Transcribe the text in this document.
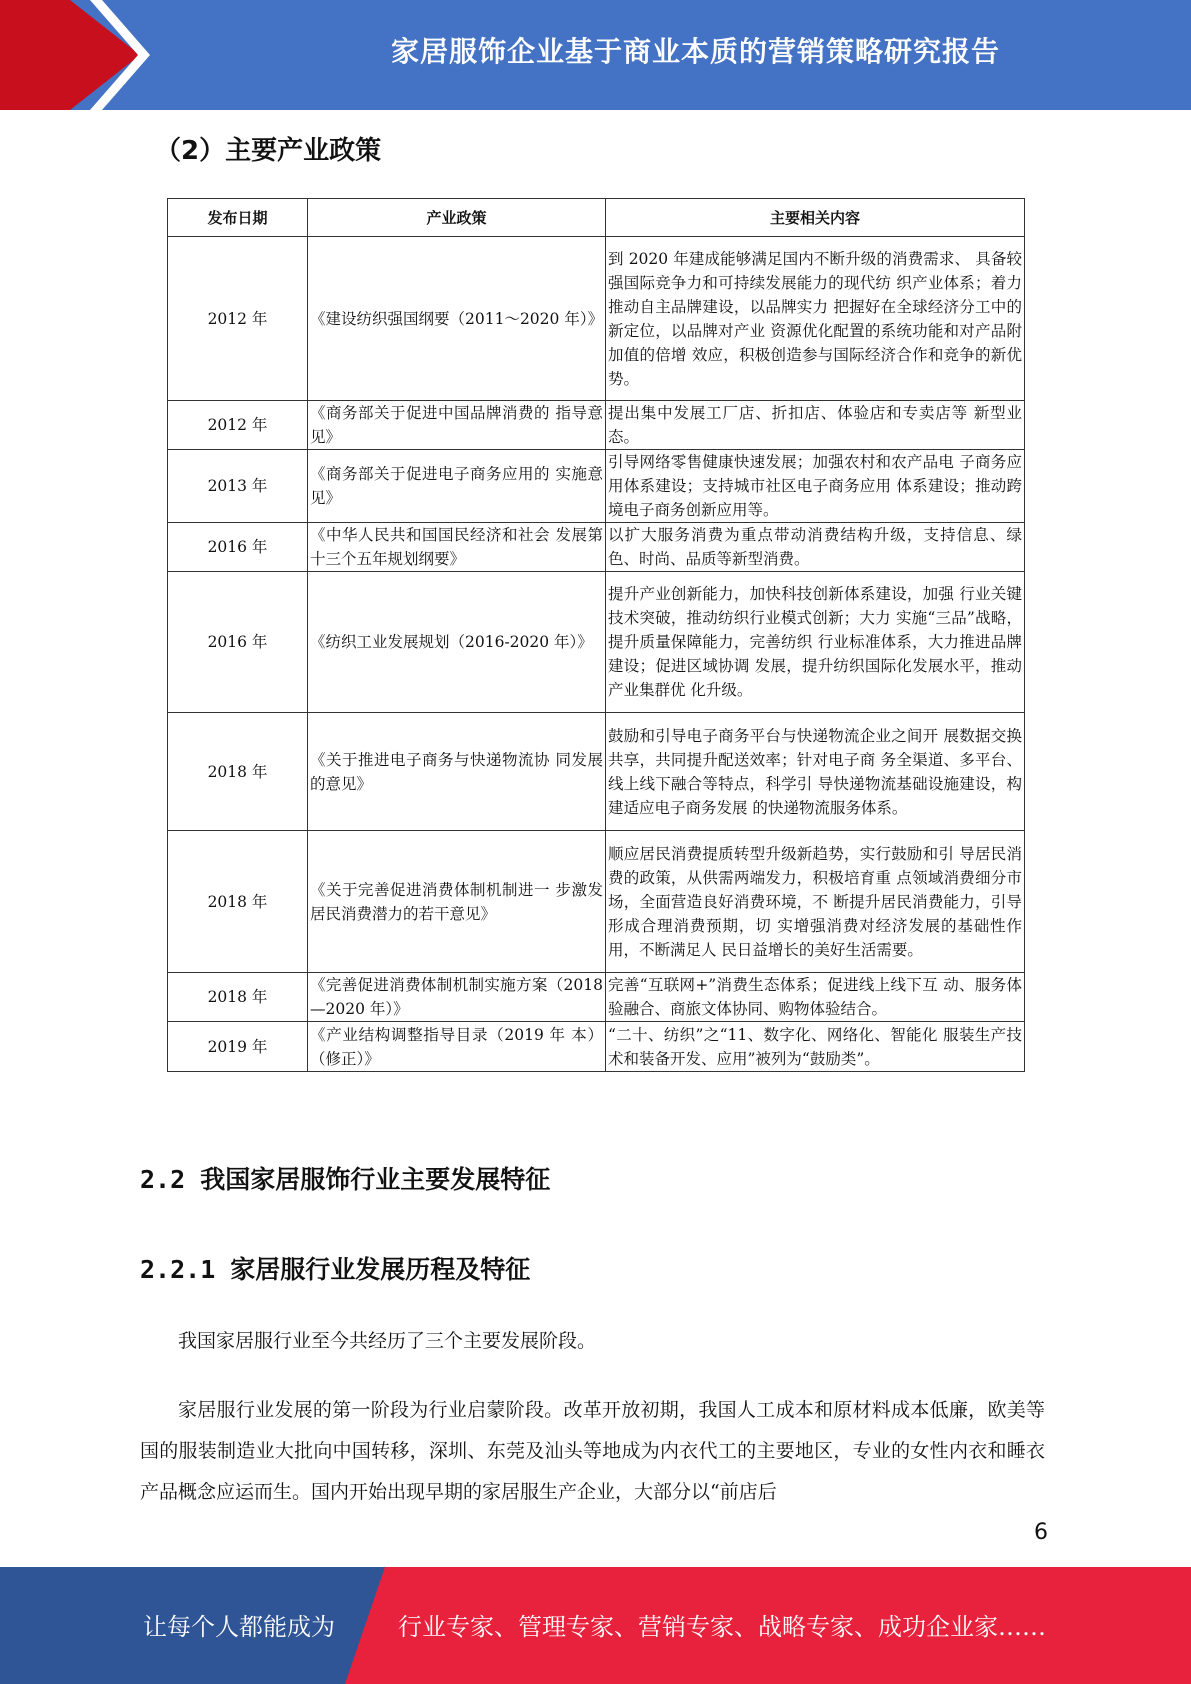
家居服饰企业基于商业本质的营销策略研究报告
（2）主要产业政策
发布日期	产业政策	主要相关内容
2012 年	《建设纺织强国纲要（2011～2020 年）》	到 2020 年建成能够满足国内不断升级的消费需求、 具备较强国际竞争力和可持续发展能力的现代纺 织产业体系；着力推动自主品牌建设，以品牌实力 把握好在全球经济分工中的新定位，以品牌对产业 资源优化配置的系统功能和对产品附加值的倍增 效应，积极创造参与国际经济合作和竞争的新优 势。
2012 年	《商务部关于促进中国品牌消费的 指导意见》	提出集中发展工厂店、折扣店、体验店和专卖店等 新型业态。
2013 年	《商务部关于促进电子商务应用的 实施意见》	引导网络零售健康快速发展；加强农村和农产品电 子商务应用体系建设；支持城市社区电子商务应用 体系建设；推动跨境电子商务创新应用等。
2016 年	《中华人民共和国国民经济和社会 发展第十三个五年规划纲要》	以扩大服务消费为重点带动消费结构升级，支持信息、绿色、时尚、品质等新型消费。
2016 年	《纺织工业发展规划（2016-2020 年）》	提升产业创新能力，加快科技创新体系建设，加强 行业关键技术突破，推动纺织行业模式创新；大力 实施“三品”战略，提升质量保障能力，完善纺织 行业标准体系，大力推进品牌建设；促进区域协调 发展，提升纺织国际化发展水平，推动产业集群优 化升级。
2018 年	《关于推进电子商务与快递物流协 同发展的意见》	鼓励和引导电子商务平台与快递物流企业之间开 展数据交换共享，共同提升配送效率；针对电子商 务全渠道、多平台、线上线下融合等特点，科学引 导快递物流基础设施建设，构建适应电子商务发展 的快递物流服务体系。
2018 年	《关于完善促进消费体制机制进一 步激发居民消费潜力的若干意见》	顺应居民消费提质转型升级新趋势，实行鼓励和引 导居民消费的政策，从供需两端发力，积极培育重 点领域消费细分市场，全面营造良好消费环境，不 断提升居民消费能力，引导形成合理消费预期，切 实增强消费对经济发展的基础性作用，不断满足人 民日益增长的美好生活需要。
2018 年	《完善促进消费体制机制实施方案（2018—2020 年）》	完善“互联网+”消费生态体系；促进线上线下互 动、服务体验融合、商旅文体协同、购物体验结合。
2019 年	《产业结构调整指导目录（2019 年 本）（修正）》	“二十、纺织”之“11、数字化、网络化、智能化 服装生产技术和装备开发、应用”被列为“鼓励类”。
2.2 我国家居服饰行业主要发展特征
2.2.1 家居服行业发展历程及特征
我国家居服行业至今共经历了三个主要发展阶段。
家居服行业发展的第一阶段为行业启蒙阶段。改革开放初期，我国人工成本和原材料成本低廉，欧美等国的服装制造业大批向中国转移，深圳、东莞及汕头等地成为内衣代工的主要地区，专业的女性内衣和睡衣产品概念应运而生。国内开始出现早期的家居服生产企业，大部分以“前店后
6
让每个人都能成为	行业专家、管理专家、营销专家、战略专家、成功企业家……
